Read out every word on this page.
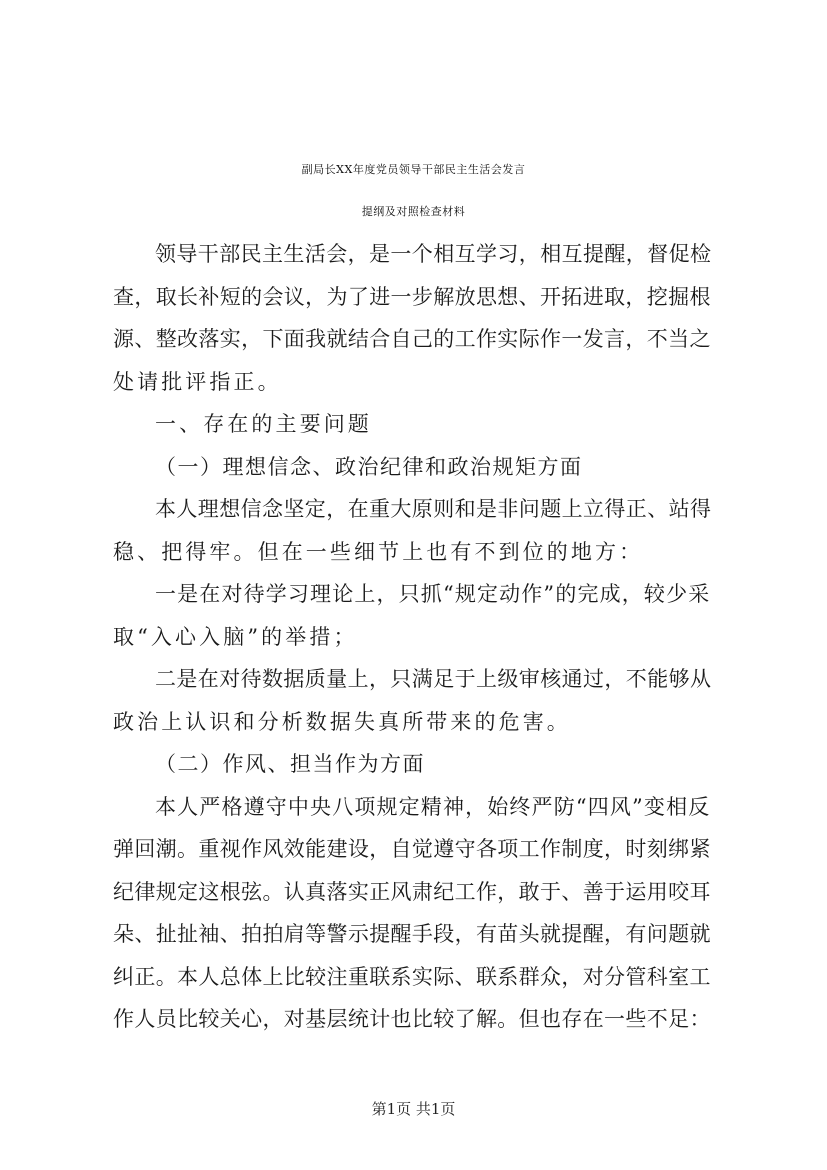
副局长XX年度党员领导干部民主生活会发言
提纲及对照检查材料
领导干部民主生活会，是一个相互学习，相互提醒，督促检
查，取长补短的会议，为了进一步解放思想、开拓进取，挖掘根
源、整改落实，下面我就结合自己的工作实际作一发言，不当之
处请批评指正。
一、存在的主要问题
（一）理想信念、政治纪律和政治规矩方面
本人理想信念坚定，在重大原则和是非问题上立得正、站得
稳、把得牢。但在一些细节上也有不到位的地方：
一是在对待学习理论上，只抓“规定动作”的完成，较少采
取“入心入脑”的举措；
二是在对待数据质量上，只满足于上级审核通过，不能够从
政治上认识和分析数据失真所带来的危害。
（二）作风、担当作为方面
本人严格遵守中央八项规定精神，始终严防“四风”变相反
弹回潮。重视作风效能建设，自觉遵守各项工作制度，时刻绑紧
纪律规定这根弦。认真落实正风肃纪工作，敢于、善于运用咬耳
朵、扯扯袖、拍拍肩等警示提醒手段，有苗头就提醒，有问题就
纠正。本人总体上比较注重联系实际、联系群众，对分管科室工
作人员比较关心，对基层统计也比较了解。但也存在一些不足：
第1页 共1页
